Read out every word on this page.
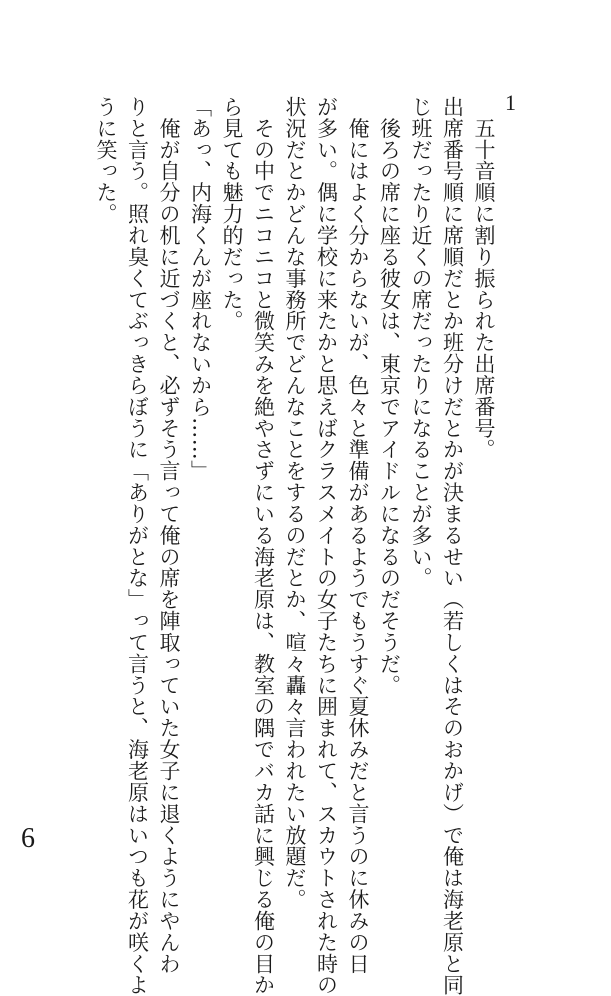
1

　五十音順に割り振られた出席番号。

出席番号順に席順だとか班分けだとかが決まるせい（若しくはそのおかげ）で俺は海老原と同

じ班だったり近くの席だったりになることが多い。

　後ろの席に座る彼女は、東京でアイドルになるのだそうだ。

　俺にはよく分からないが、色々と準備があるようでもうすぐ夏休みだと言うのに休みの日

が多い。偶に学校に来たかと思えばクラスメイトの女子たちに囲まれて、スカウトされた時の

状況だとかどんな事務所でどんなことをするのだとか、喧々轟々言われたい放題だ。

　その中でニコニコと微笑みを絶やさずにいる海老原は、教室の隅でバカ話に興じる俺の目か

ら見ても魅力的だった。

「あっ、内海くんが座れないから……」

　俺が自分の机に近づくと、必ずそう言って俺の席を陣取っていた女子に退くようにやんわ

りと言う。照れ臭くてぶっきらぼうに「ありがとな」って言うと、海老原はいつも花が咲くよ

うに笑った。

6
